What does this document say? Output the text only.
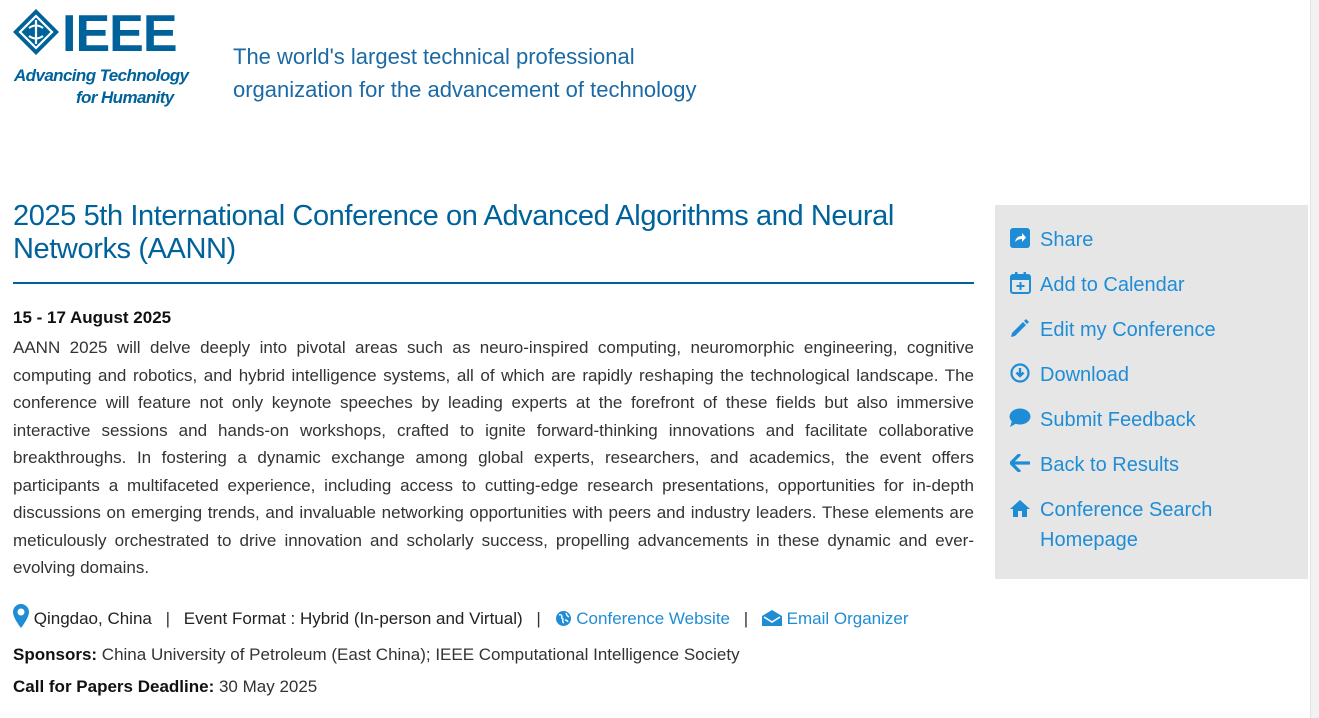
IEEE
Advancing Technology
for Humanity
The world's largest technical professional
organization for the advancement of technology
2025 5th International Conference on Advanced Algorithms and Neural Networks (AANN)
15 - 17 August 2025
AANN 2025 will delve deeply into pivotal areas such as neuro-inspired computing, neuromorphic engineering, cognitive computing and robotics, and hybrid intelligence systems, all of which are rapidly reshaping the technological landscape. The conference will feature not only keynote speeches by leading experts at the forefront of these fields but also immersive interactive sessions and hands-on workshops, crafted to ignite forward-thinking innovations and facilitate collaborative breakthroughs. In fostering a dynamic exchange among global experts, researchers, and academics, the event offers participants a multifaceted experience, including access to cutting-edge research presentations, opportunities for in-depth discussions on emerging trends, and invaluable networking opportunities with peers and industry leaders. These elements are meticulously orchestrated to drive innovation and scholarly success, propelling advancements in these dynamic and ever-evolving domains.
Qingdao, China | Event Format : Hybrid (In-person and Virtual) | Conference Website | Email Organizer
Sponsors: China University of Petroleum (East China); IEEE Computational Intelligence Society
Call for Papers Deadline: 30 May 2025
Share
Add to Calendar
Edit my Conference
Download
Submit Feedback
Back to Results
Conference Search Homepage
